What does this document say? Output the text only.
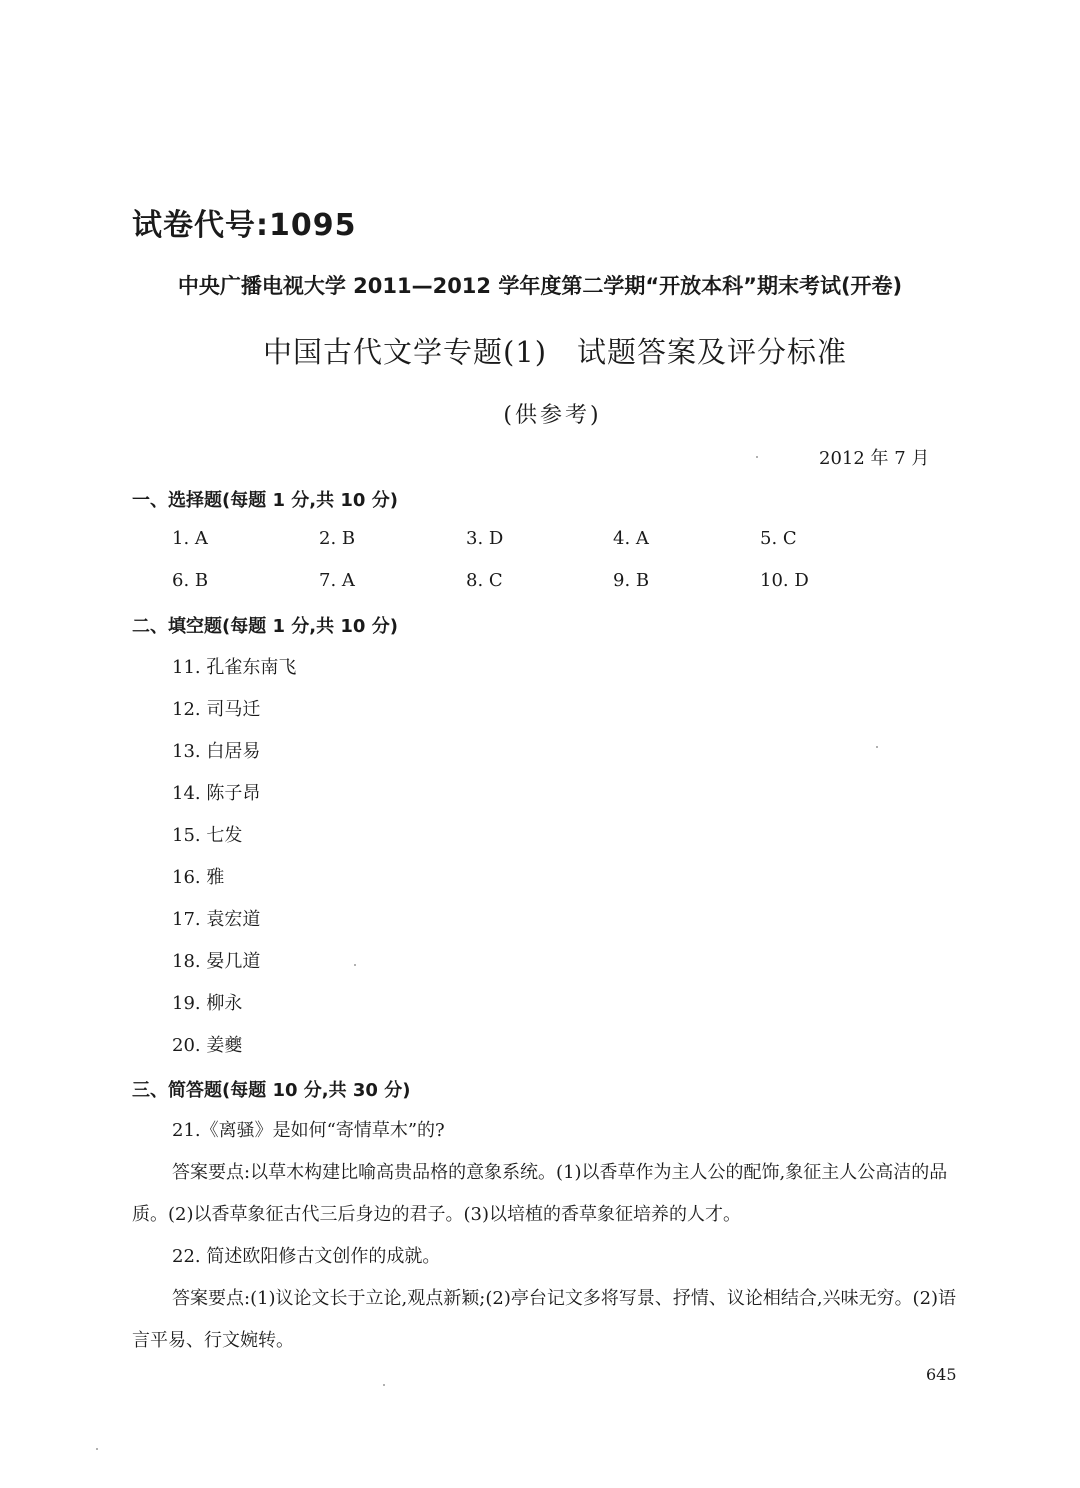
试卷代号:1095
中央广播电视大学 2011—2012 学年度第二学期“开放本科”期末考试(开卷)
中国古代文学专题(1)　试题答案及评分标准
(供参考)
2012 年 7 月
一、选择题(每题 1 分,共 10 分)
1. A	2. B	3. D	4. A	5. C
6. B	7. A	8. C	9. B	10. D
二、填空题(每题 1 分,共 10 分)
11. 孔雀东南飞
12. 司马迁
13. 白居易
14. 陈子昂
15. 七发
16. 雅
17. 袁宏道
18. 晏几道
19. 柳永
20. 姜夔
三、简答题(每题 10 分,共 30 分)
21.《离骚》是如何“寄情草木”的?
答案要点:以草木构建比喻高贵品格的意象系统。(1)以香草作为主人公的配饰,象征主人公高洁的品质。(2)以香草象征古代三后身边的君子。(3)以培植的香草象征培养的人才。
22. 简述欧阳修古文创作的成就。
答案要点:(1)议论文长于立论,观点新颖;(2)亭台记文多将写景、抒情、议论相结合,兴味无穷。(2)语言平易、行文婉转。
645
